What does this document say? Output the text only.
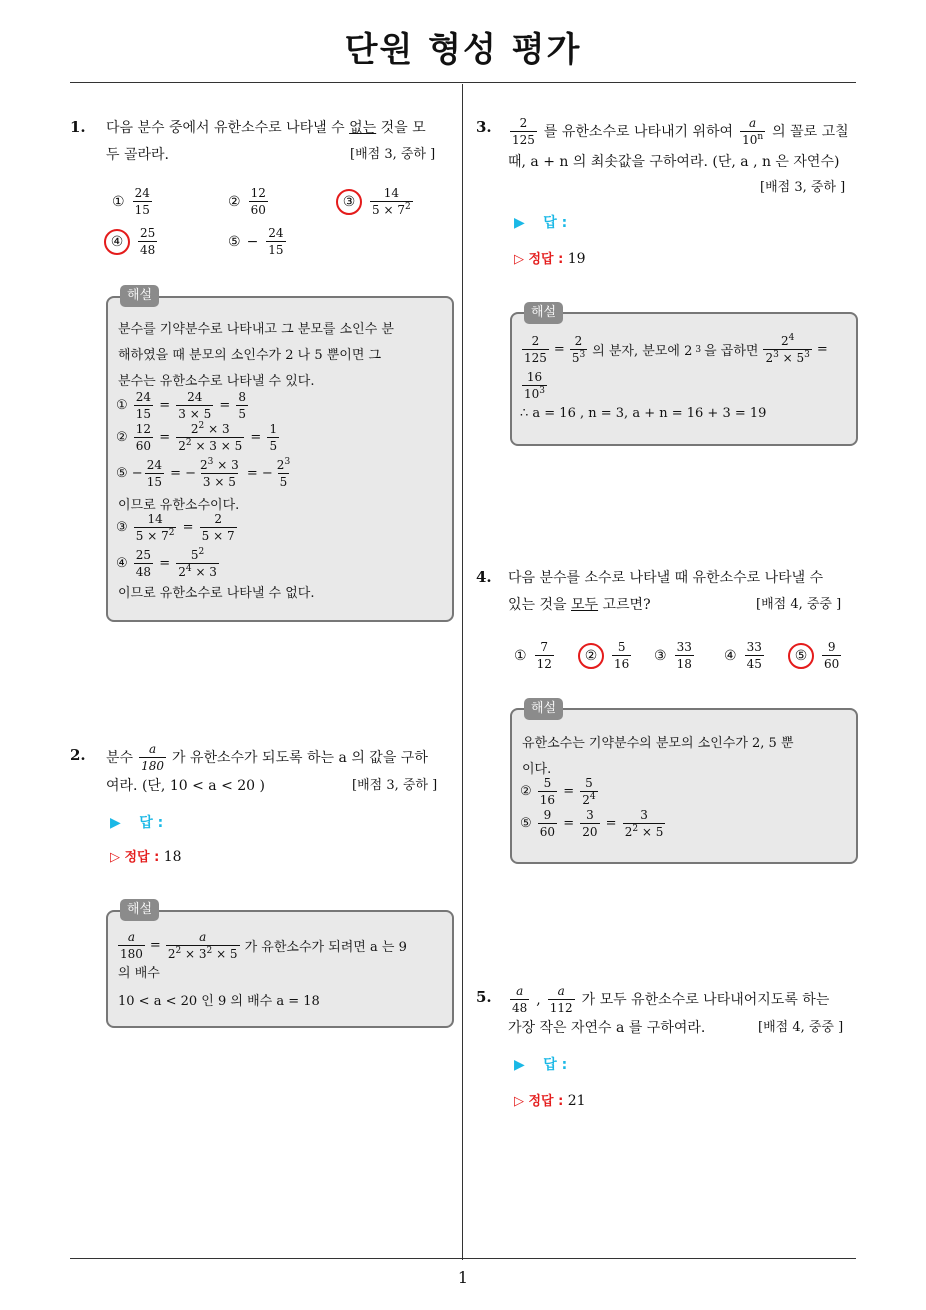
단원 형성 평가
1
1. 다음 분수 중에서 유한소수로 나타낼 수 없는 것을 모
두 골라라.	[배점 3, 중하 ]
① $\frac{24}{15}$	② $\frac{12}{60}$	③	$\frac{14}{5 \times 7^2}$
④	$\frac{25}{48}$	⑤ − $\frac{24}{15}$
해설
분수를 기약분수로 나타내고 그 분모를 소인수 분
해하였을 때 분모의 소인수가 2 나 5 뿐이면 그
분수는 유한소수로 나타낼 수 있다.
① $\frac{24}{15} = \frac{24}{3 \times 5} = \frac{8}{5}$
② $\frac{12}{60} = \frac{2^2 \times 3}{2^2 \times 3 \times 5} = \frac{1}{5}$
⑤ − $\frac{24}{15}$ = − $\frac{2^3 \times 3}{3 \times 5}$ = − $\frac{2^3}{5}$
이므로 유한소수이다.
③ $\frac{14}{5 \times 7^2} = \frac{2}{5 \times 7}$
④ $\frac{25}{48} = \frac{5^2}{2^4 \times 3}$
이므로 유한소수로 나타낼 수 없다.
2. 분수 $\frac{a}{180}$ 가 유한소수가 되도록 하는 a 의 값을 구하
여라. (단, 10 < a < 20 )	[배점 3, 중하 ]
▶ 답 :
▷ 정답 : 18
해설
$\frac{a}{180} = \frac{a}{2^2 \times 3^2 \times 5}$ 가 유한소수가 되려면 a 는 9
의 배수
10 < a < 20 인 9 의 배수 a = 18
3. $\frac{2}{125}$ 를 유한소수로 나타내기 위하여 $\frac{a}{10^n}$ 의 꼴로 고칠
때, a + n 의 최솟값을 구하여라. (단, a , n 은 자연수)
[배점 3, 중하 ]
▶ 답 :
▷ 정답 : 19
해설
$\frac{2}{125} = \frac{2}{5^3}$ 의 분자, 분모에 2 3 을 곱하면 $\frac{2^4}{2^3 \times 5^3}$ =
$\frac{16}{10^3}$
∴ a = 16 , n = 3, a + n = 16 + 3 = 19
4. 다음 분수를 소수로 나타낼 때 유한소수로 나타낼 수
있는 것을 모두 고르면?	[배점 4, 중중 ]
① $\frac{7}{12}$	②	$\frac{5}{16}$ ③ $\frac{33}{18}$ ④ $\frac{33}{45}$	⑤	$\frac{9}{60}$
해설
유한소수는 기약분수의 분모의 소인수가 2, 5 뿐
이다.
② $\frac{5}{16} = \frac{5}{2^4}$
⑤ $\frac{9}{60} = \frac{3}{20} = \frac{3}{2^2 \times 5}$
5. $\frac{a}{48}$ , $\frac{a}{112}$ 가 모두 유한소수로 나타내어지도록 하는
가장 작은 자연수 a 를 구하여라.	[배점 4, 중중 ]
▶ 답 :
▷ 정답 : 21
